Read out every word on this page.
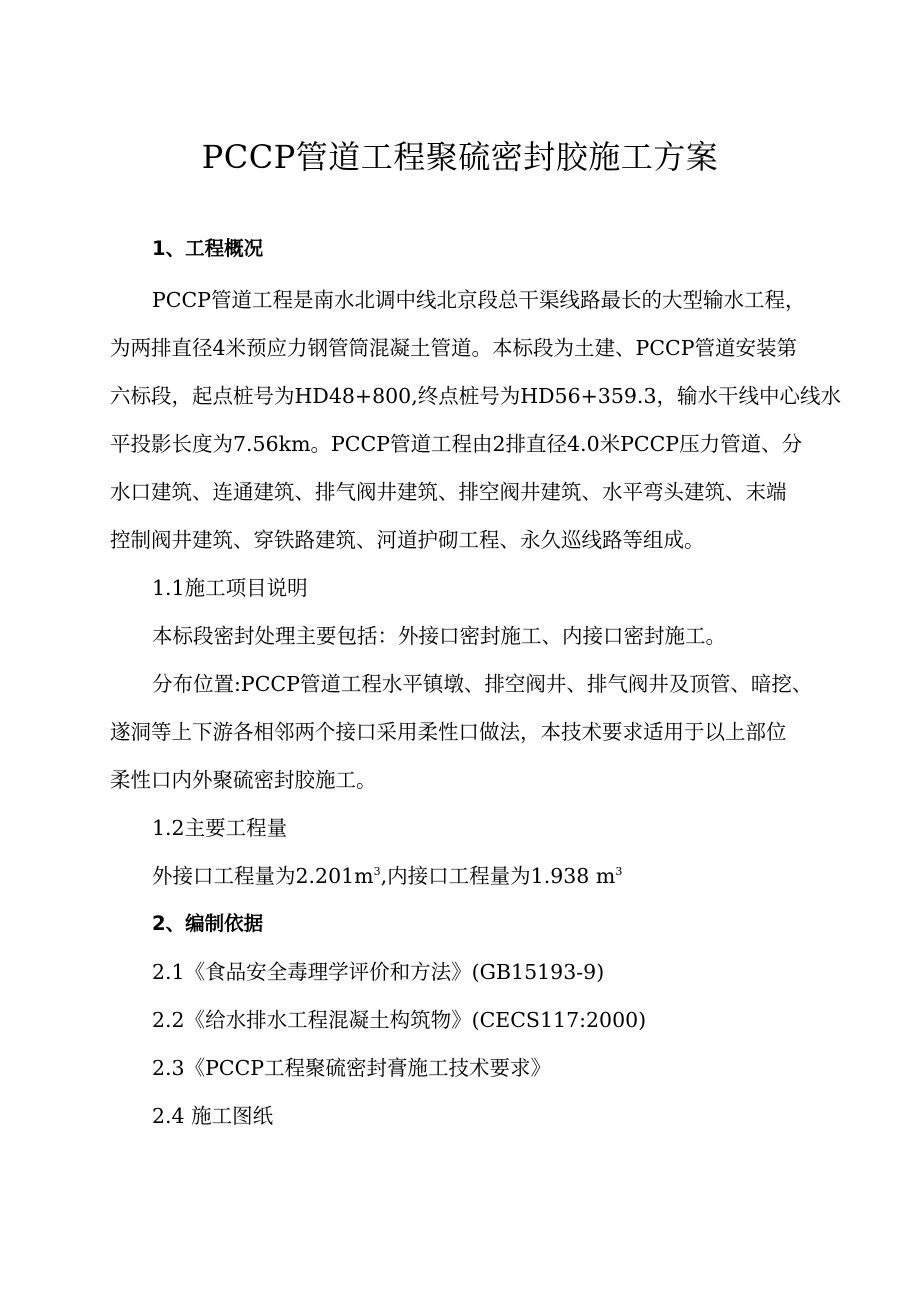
PCCP管道工程聚硫密封胶施工方案
1、工程概况
PCCP管道工程是南水北调中线北京段总干渠线路最长的大型输水工程，
为两排直径4米预应力钢管筒混凝土管道。本标段为土建、PCCP管道安装第
六标段，起点桩号为HD48+800,终点桩号为HD56+359.3，输水干线中心线水
平投影长度为7.56km。PCCP管道工程由2排直径4.0米PCCP压力管道、分
水口建筑、连通建筑、排气阀井建筑、排空阀井建筑、水平弯头建筑、末端
控制阀井建筑、穿铁路建筑、河道护砌工程、永久巡线路等组成。
1.1施工项目说明
本标段密封处理主要包括：外接口密封施工、内接口密封施工。
分布位置:PCCP管道工程水平镇墩、排空阀井、排气阀井及顶管、暗挖、
遂洞等上下游各相邻两个接口采用柔性口做法，本技术要求适用于以上部位
柔性口内外聚硫密封胶施工。
1.2主要工程量
外接口工程量为$2.201m^3$,内接口工程量为1.938 $m^3$
2、编制依据
2.1《食品安全毒理学评价和方法》(GB15193-9)
2.2《给水排水工程混凝土构筑物》(CECS117:2000)
2.3《PCCP工程聚硫密封膏施工技术要求》
2.4 施工图纸
